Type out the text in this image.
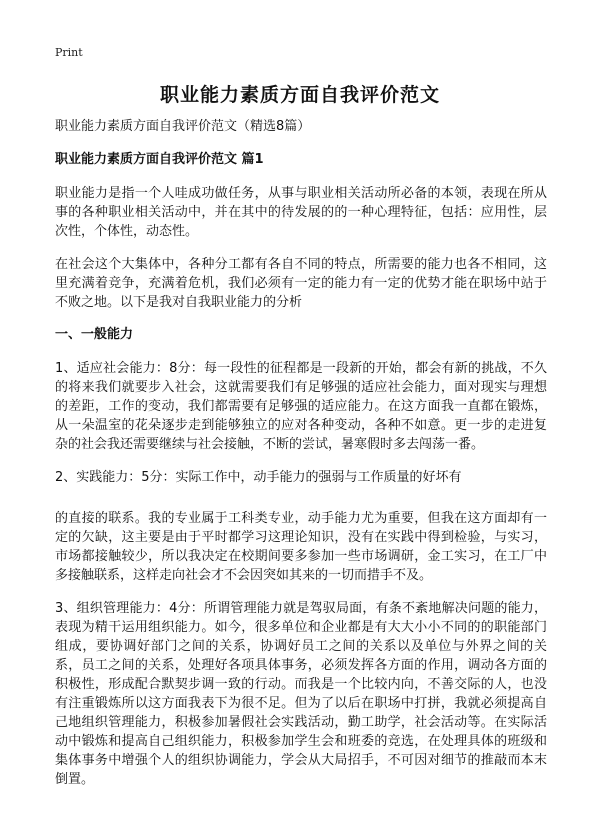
Print
职业能力素质方面自我评价范文
职业能力素质方面自我评价范文（精选8篇）
职业能力素质方面自我评价范文 篇1

职业能力是指一个人哇成功做任务，从事与职业相关活动所必备的本领，表现在所从事的各种职业相关活动中，并在其中的待发展的的一种心理特征，包括：应用性，层次性，个体性，动态性。

在社会这个大集体中，各种分工都有各自不同的特点，所需要的能力也各不相同，这里充满着竞争，充满着危机，我们必须有一定的能力有一定的优势才能在职场中站于不败之地。以下是我对自我职业能力的分析

一、一般能力

1、适应社会能力：8分：每一段性的征程都是一段新的开始，都会有新的挑战，不久的将来我们就要步入社会，这就需要我们有足够强的适应社会能力，面对现实与理想的差距，工作的变动，我们都需要有足够强的适应能力。在这方面我一直都在锻炼，从一朵温室的花朵逐步走到能够独立的应对各种变动，各种不如意。更一步的走进复杂的社会我还需要继续与社会接触，不断的尝试，暑寒假时多去闯荡一番。

2、实践能力：5分：实际工作中，动手能力的强弱与工作质量的好坏有

的直接的联系。我的专业属于工科类专业，动手能力尤为重要，但我在这方面却有一定的欠缺，这主要是由于平时都学习这理论知识，没有在实践中得到检验，与实习，市场都接触较少，所以我决定在校期间要多参加一些市场调研，金工实习，在工厂中多接触联系，这样走向社会才不会因突如其来的一切而措手不及。

3、组织管理能力：4分：所谓管理能力就是驾驭局面，有条不紊地解决问题的能力，表现为精干运用组织能力。如今，很多单位和企业都是有大大小小不同的的职能部门组成，要协调好部门之间的关系，协调好员工之间的关系以及单位与外界之间的关系，员工之间的关系，处理好各项具体事务，必须发挥各方面的作用，调动各方面的积极性，形成配合默契步调一致的行动。而我是一个比较内向，不善交际的人，也没有注重锻炼所以这方面我表下为很不足。但为了以后在职场中打拼，我就必须提高自己地组织管理能力，积极参加暑假社会实践活动，勤工助学，社会活动等。在实际活动中锻炼和提高自己组织能力，积极参加学生会和班委的竞选，在处理具体的班级和集体事务中增强个人的组织协调能力，学会从大局招手，不可因对细节的推敲而本末倒置。
